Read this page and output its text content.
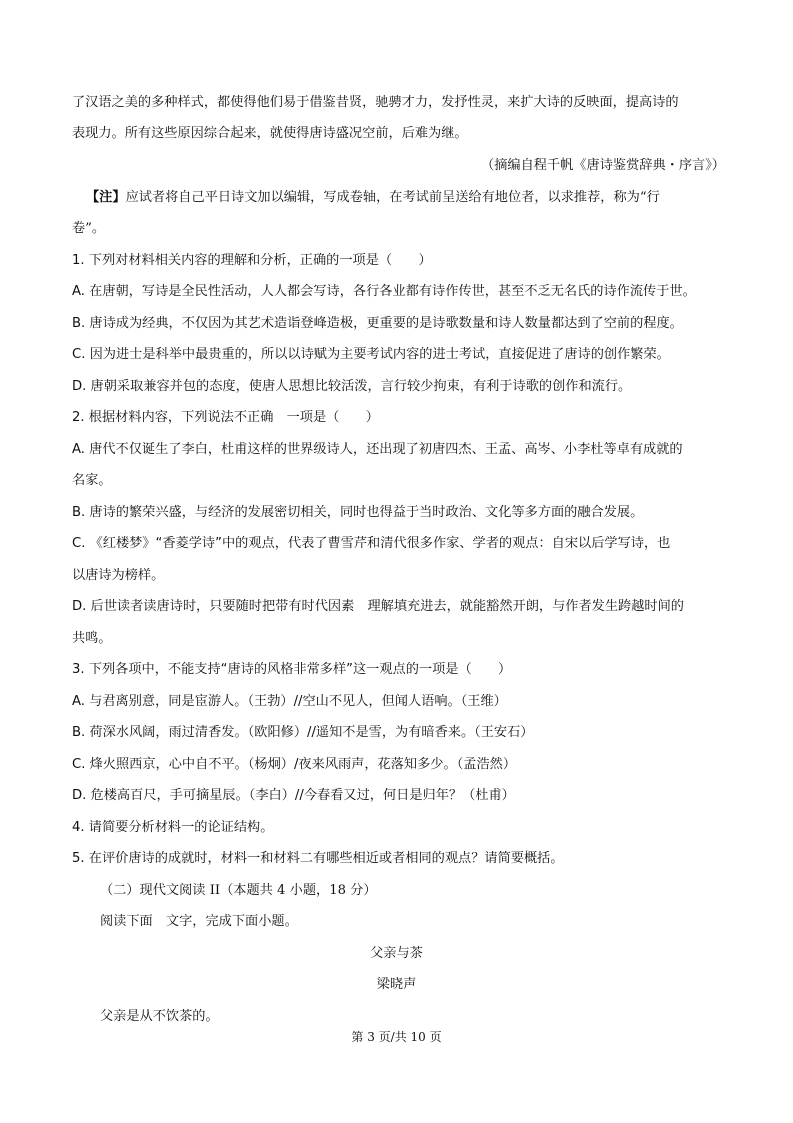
了汉语之美的多种样式，都使得他们易于借鉴昔贤，驰骋才力，发抒性灵，来扩大诗的反映面，提高诗的
表现力。所有这些原因综合起来，就使得唐诗盛况空前，后难为继。
（摘编自程千帆《唐诗鉴赏辞典・序言》）
【注】应试者将自己平日诗文加以编辑，写成卷轴，在考试前呈送给有地位者，以求推荐，称为“行
卷”。
1. 下列对材料相关内容的理解和分析，正确的一项是（　　）
A. 在唐朝，写诗是全民性活动，人人都会写诗，各行各业都有诗作传世，甚至不乏无名氏的诗作流传于世。
B. 唐诗成为经典，不仅因为其艺术造诣登峰造极，更重要的是诗歌数量和诗人数量都达到了空前的程度。
C. 因为进士是科举中最贵重的，所以以诗赋为主要考试内容的进士考试，直接促进了唐诗的创作繁荣。
D. 唐朝采取兼容并包的态度，使唐人思想比较活泼，言行较少拘束，有利于诗歌的创作和流行。
2. 根据材料内容，下列说法不正确　一项是（　　）
A. 唐代不仅诞生了李白，杜甫这样的世界级诗人，还出现了初唐四杰、王孟、高岑、小李杜等卓有成就的
名家。
B. 唐诗的繁荣兴盛，与经济的发展密切相关，同时也得益于当时政治、文化等多方面的融合发展。
C. 《红楼梦》“香菱学诗”中的观点，代表了曹雪芹和清代很多作家、学者的观点：自宋以后学写诗，也
以唐诗为榜样。
D. 后世读者读唐诗时，只要随时把带有时代因素　理解填充进去，就能豁然开朗，与作者发生跨越时间的
共鸣。
3. 下列各项中，不能支持“唐诗的风格非常多样”这一观点的一项是（　　）
A. 与君离别意，同是宦游人。（王勃）//空山不见人，但闻人语响。（王维）
B. 荷深水风阔，雨过清香发。（欧阳修）//遥知不是雪，为有暗香来。（王安石）
C. 烽火照西京，心中自不平。（杨炯）/夜来风雨声，花落知多少。（孟浩然）
D. 危楼高百尺，手可摘星辰。（李白）//今春看又过，何日是归年？（杜甫）
4. 请简要分析材料一的论证结构。
5. 在评价唐诗的成就时，材料一和材料二有哪些相近或者相同的观点？请简要概括。
（二）现代文阅读 II（本题共 4 小题，18 分）
阅读下面　文字，完成下面小题。
父亲与茶
梁晓声
父亲是从不饮茶的。
第 3 页/共 10 页
